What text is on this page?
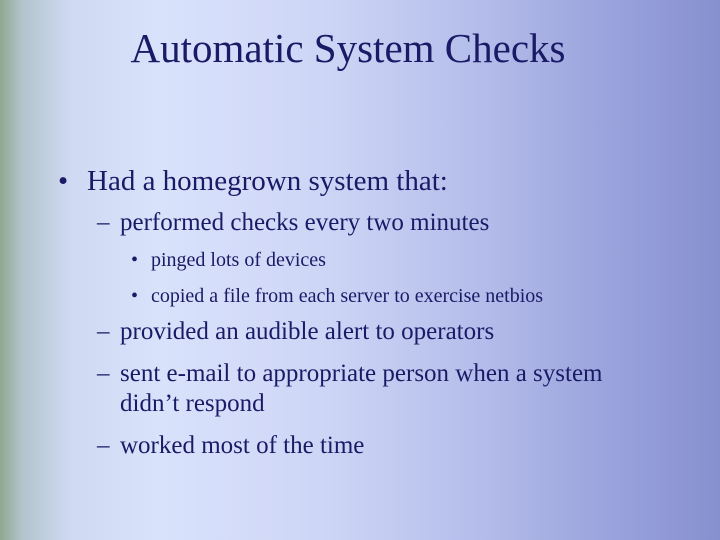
Automatic System Checks
• Had a homegrown system that:
– performed checks every two minutes
• pinged lots of devices
• copied a file from each server to exercise netbios
– provided an audible alert to operators
– sent e-mail to appropriate person when a system didn’t respond
– worked most of the time
